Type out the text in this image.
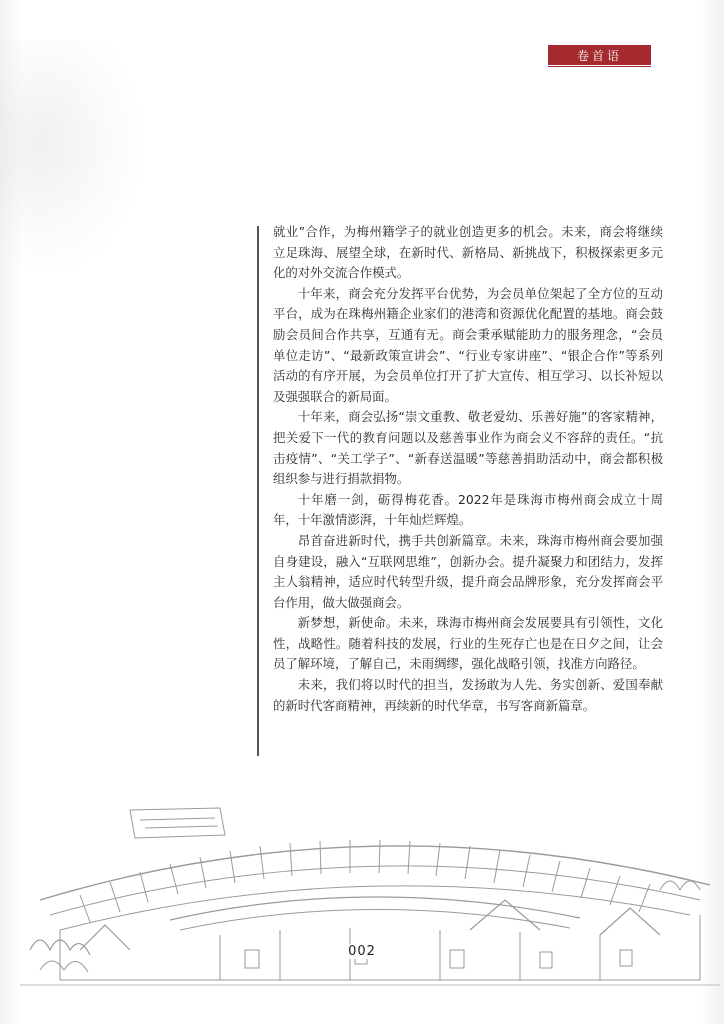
卷首语

就业”合作，为梅州籍学子的就业创造更多的机会。未来，商会将继续立足珠海、展望全球，在新时代、新格局、新挑战下，积极探索更多元化的对外交流合作模式。

十年来，商会充分发挥平台优势，为会员单位架起了全方位的互动平台，成为在珠梅州籍企业家们的港湾和资源优化配置的基地。商会鼓励会员间合作共享，互通有无。商会秉承赋能助力的服务理念，“会员单位走访”、“最新政策宣讲会”、“行业专家讲座”、“银企合作”等系列活动的有序开展，为会员单位打开了扩大宣传、相互学习、以长补短以及强强联合的新局面。

十年来，商会弘扬“崇文重教、敬老爱幼、乐善好施”的客家精神，把关爱下一代的教育问题以及慈善事业作为商会义不容辞的责任。“抗击疫情”、“关工学子”、“新春送温暖”等慈善捐助活动中，商会都积极组织参与进行捐款捐物。

十年磨一剑，砺得梅花香。2022年是珠海市梅州商会成立十周年，十年激情澎湃，十年灿烂辉煌。

昂首奋进新时代，携手共创新篇章。未来，珠海市梅州商会要加强自身建设，融入“互联网思维”，创新办会。提升凝聚力和团结力，发挥主人翁精神，适应时代转型升级，提升商会品牌形象，充分发挥商会平台作用，做大做强商会。

新梦想，新使命。未来，珠海市梅州商会发展要具有引领性，文化性，战略性。随着科技的发展，行业的生死存亡也是在日夕之间，让会员了解环境，了解自己，未雨绸缪，强化战略引领，找准方向路径。

未来，我们将以时代的担当，发扬敢为人先、务实创新、爱国奉献的新时代客商精神，再续新的时代华章，书写客商新篇章。

002
